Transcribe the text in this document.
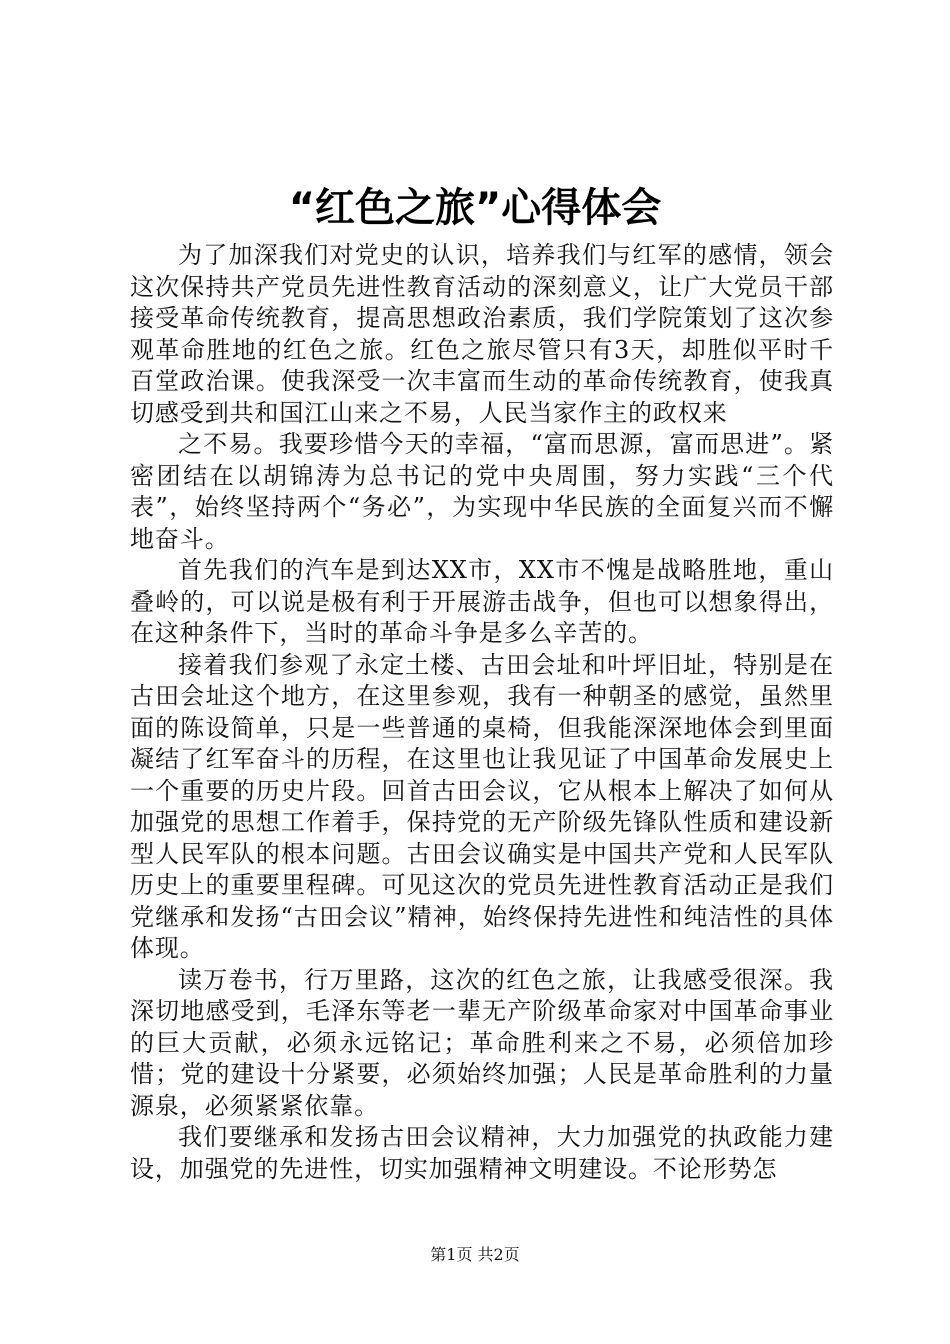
“红色之旅”心得体会

为了加深我们对党史的认识，培养我们与红军的感情，领会这次保持共产党员先进性教育活动的深刻意义，让广大党员干部接受革命传统教育，提高思想政治素质，我们学院策划了这次参观革命胜地的红色之旅。红色之旅尽管只有3天，却胜似平时千百堂政治课。使我深受一次丰富而生动的革命传统教育，使我真切感受到共和国江山来之不易，人民当家作主的政权来

之不易。我要珍惜今天的幸福，“富而思源，富而思进”。紧密团结在以胡锦涛为总书记的党中央周围，努力实践“三个代表”，始终坚持两个“务必”，为实现中华民族的全面复兴而不懈地奋斗。

首先我们的汽车是到达XX市，XX市不愧是战略胜地，重山叠岭的，可以说是极有利于开展游击战争，但也可以想象得出，在这种条件下，当时的革命斗争是多么辛苦的。

接着我们参观了永定土楼、古田会址和叶坪旧址，特别是在古田会址这个地方，在这里参观，我有一种朝圣的感觉，虽然里面的陈设简单，只是一些普通的桌椅，但我能深深地体会到里面凝结了红军奋斗的历程，在这里也让我见证了中国革命发展史上一个重要的历史片段。回首古田会议，它从根本上解决了如何从加强党的思想工作着手，保持党的无产阶级先锋队性质和建设新型人民军队的根本问题。古田会议确实是中国共产党和人民军队历史上的重要里程碑。可见这次的党员先进性教育活动正是我们党继承和发扬“古田会议”精神，始终保持先进性和纯洁性的具体体现。

读万卷书，行万里路，这次的红色之旅，让我感受很深。我深切地感受到，毛泽东等老一辈无产阶级革命家对中国革命事业的巨大贡献，必须永远铭记；革命胜利来之不易，必须倍加珍惜；党的建设十分紧要，必须始终加强；人民是革命胜利的力量源泉，必须紧紧依靠。

我们要继承和发扬古田会议精神，大力加强党的执政能力建设，加强党的先进性，切实加强精神文明建设。不论形势怎

第1页 共2页
